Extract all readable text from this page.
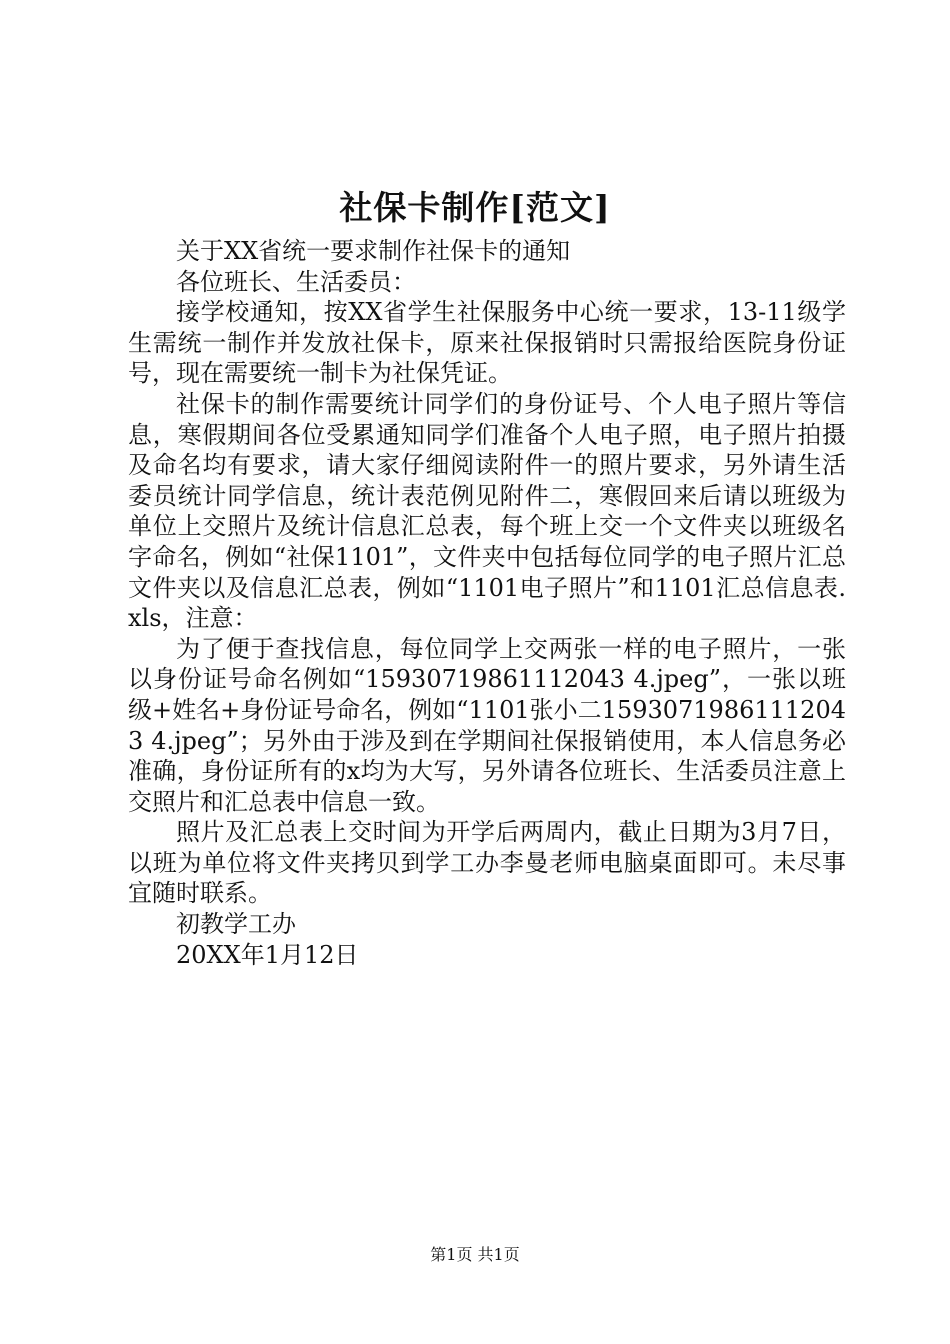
社保卡制作[范文]

关于XX省统一要求制作社保卡的通知

各位班长、生活委员：

接学校通知，按XX省学生社保服务中心统一要求，13-11级学生需统一制作并发放社保卡，原来社保报销时只需报给医院身份证号，现在需要统一制卡为社保凭证。

社保卡的制作需要统计同学们的身份证号、个人电子照片等信息，寒假期间各位受累通知同学们准备个人电子照，电子照片拍摄及命名均有要求，请大家仔细阅读附件一的照片要求，另外请生活委员统计同学信息，统计表范例见附件二，寒假回来后请以班级为单位上交照片及统计信息汇总表，每个班上交一个文件夹以班级名字命名，例如“社保1101”，文件夹中包括每位同学的电子照片汇总文件夹以及信息汇总表，例如“1101电子照片”和1101汇总信息表.xls，注意：

为了便于查找信息，每位同学上交两张一样的电子照片，一张以身份证号命名例如“15930719861112043 4.jpeg”，一张以班级+姓名+身份证号命名，例如“1101张小二15930719861112043 4.jpeg”；另外由于涉及到在学期间社保报销使用，本人信息务必准确，身份证所有的x均为大写，另外请各位班长、生活委员注意上交照片和汇总表中信息一致。

照片及汇总表上交时间为开学后两周内，截止日期为3月7日，以班为单位将文件夹拷贝到学工办李曼老师电脑桌面即可。未尽事宜随时联系。

初教学工办

20XX年1月12日

第1页 共1页
